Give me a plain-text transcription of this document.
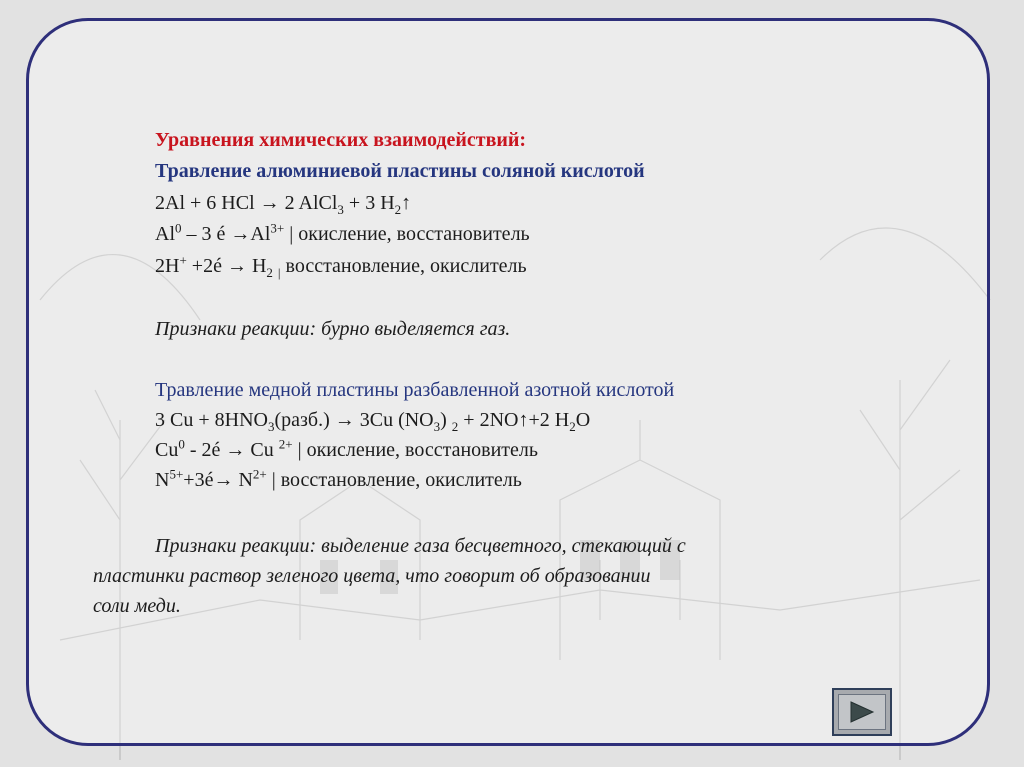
Уравнения химических взаимодействий:

Травление алюминиевой пластины соляной кислотой

2Al + 6 HCl → 2 AlCl$_3$ + 3 $H_2↑$

Al$^0$ – 3 é $\to Al^{3+}$ | окисление, восстановитель

2H+ +2é → $H_2$ $_|$ восстановление, окислитель

Признаки реакции: бурно выделяется газ.

Травление медной пластины разбавленной азотной кислотой

3 $Cu + 8HNO_3(разб.) \to 3Cu$ $(NO_3) _2$ + 2NO↑+2 $H_2O$

Cu$^0$ - 2é → Cu $^{2+}$ | окисление, восстановитель

$N^{5+}+3é\to N^{2+}$ | восстановление, окислитель

Признаки реакции: выделение газа бесцветного, стекающий с

пластинки раствор зеленого цвета, что говорит об образовании

соли меди.
